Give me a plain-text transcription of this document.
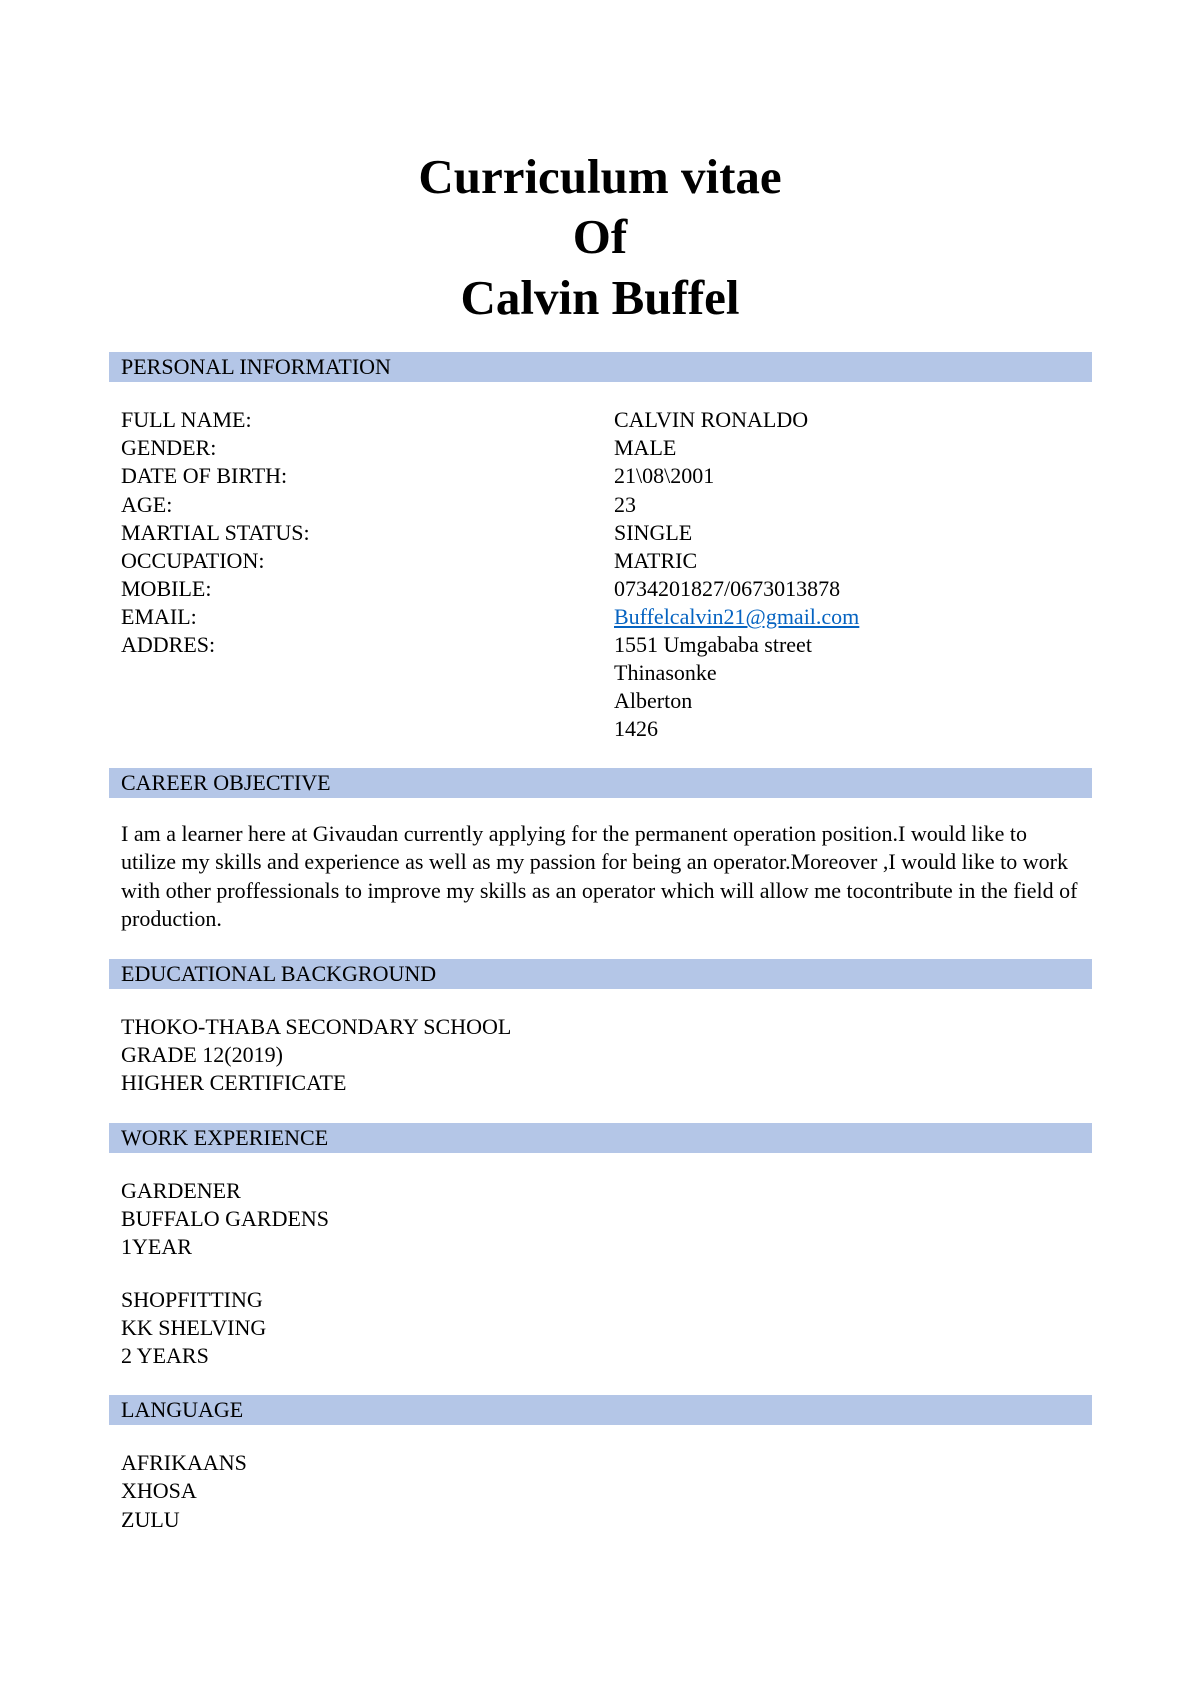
Curriculum vitae
Of
Calvin Buffel
PERSONAL INFORMATION
FULL NAME:	CALVIN RONALDO
GENDER:	MALE
DATE OF BIRTH:	21\08\2001
AGE:	23
MARTIAL STATUS:	SINGLE
OCCUPATION:	MATRIC
MOBILE:	0734201827/0673013878
EMAIL:	Buffelcalvin21@gmail.com
ADDRES:	1551 Umgababa street
Thinasonke
Alberton
1426
CAREER OBJECTIVE
I am a learner here at Givaudan currently applying for the permanent operation position.I would like to utilize my skills and experience as well as my passion for being an operator.Moreover ,I would like to work with other proffessionals to improve my skills as an operator which will allow me tocontribute in the field of production.
EDUCATIONAL BACKGROUND
THOKO-THABA SECONDARY SCHOOL
GRADE 12(2019)
HIGHER CERTIFICATE
WORK EXPERIENCE
GARDENER
BUFFALO GARDENS
1YEAR
SHOPFITTING
KK SHELVING
2 YEARS
LANGUAGE
AFRIKAANS
XHOSA
ZULU
